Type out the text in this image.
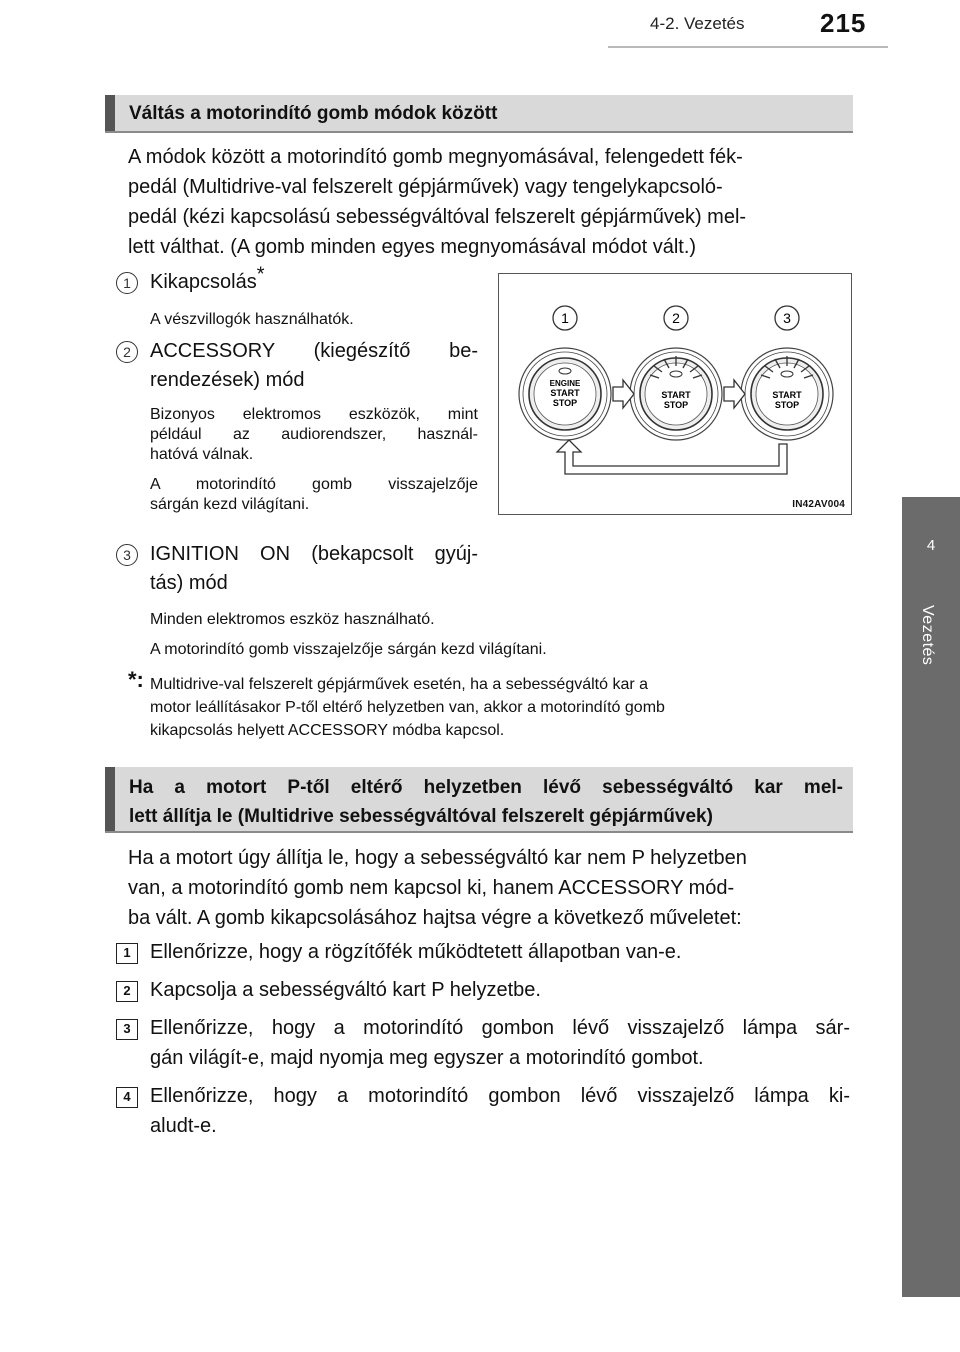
4-2. Vezetés	215
4
Vezetés
Váltás a motorindító gomb módok között
A módok között a motorindító gomb megnyomásával, felengedett fék-
pedál (Multidrive-val felszerelt gépjárművek) vagy tengelykapcsoló-
pedál (kézi kapcsolású sebességváltóval felszerelt gépjárművek) mel-
lett válthat. (A gomb minden egyes megnyomásával módot vált.)
1 Kikapcsolás*
A vészvillogók használhatók.
2 ACCESSORY (kiegészítő be-
rendezések) mód
Bizonyos elektromos eszközök, mint
például az audiorendszer, használ-
hatóvá válnak.
A motorindító gomb visszajelzője
sárgán kezd világítani.
3 IGNITION ON (bekapcsolt gyúj-
tás) mód
Minden elektromos eszköz használható.
A motorindító gomb visszajelzője sárgán kezd világítani.
*: Multidrive-val felszerelt gépjárművek esetén, ha a sebességváltó kar a
motor leállításakor P-től eltérő helyzetben van, akkor a motorindító gomb
kikapcsolás helyett ACCESSORY módba kapcsol.
1	2	3
ENGINE
START
STOP
START
STOP
START
STOP
IN42AV004
Ha a motort P-től eltérő helyzetben lévő sebességváltó kar mel-
lett állítja le (Multidrive sebességváltóval felszerelt gépjárművek)
Ha a motort úgy állítja le, hogy a sebességváltó kar nem P helyzetben
van, a motorindító gomb nem kapcsol ki, hanem ACCESSORY mód-
ba vált. A gomb kikapcsolásához hajtsa végre a következő műveletet:
1 Ellenőrizze, hogy a rögzítőfék működtetett állapotban van-e.
2 Kapcsolja a sebességváltó kart P helyzetbe.
3 Ellenőrizze, hogy a motorindító gombon lévő visszajelző lámpa sár-
gán világít-e, majd nyomja meg egyszer a motorindító gombot.
4 Ellenőrizze, hogy a motorindító gombon lévő visszajelző lámpa ki-
aludt-e.
